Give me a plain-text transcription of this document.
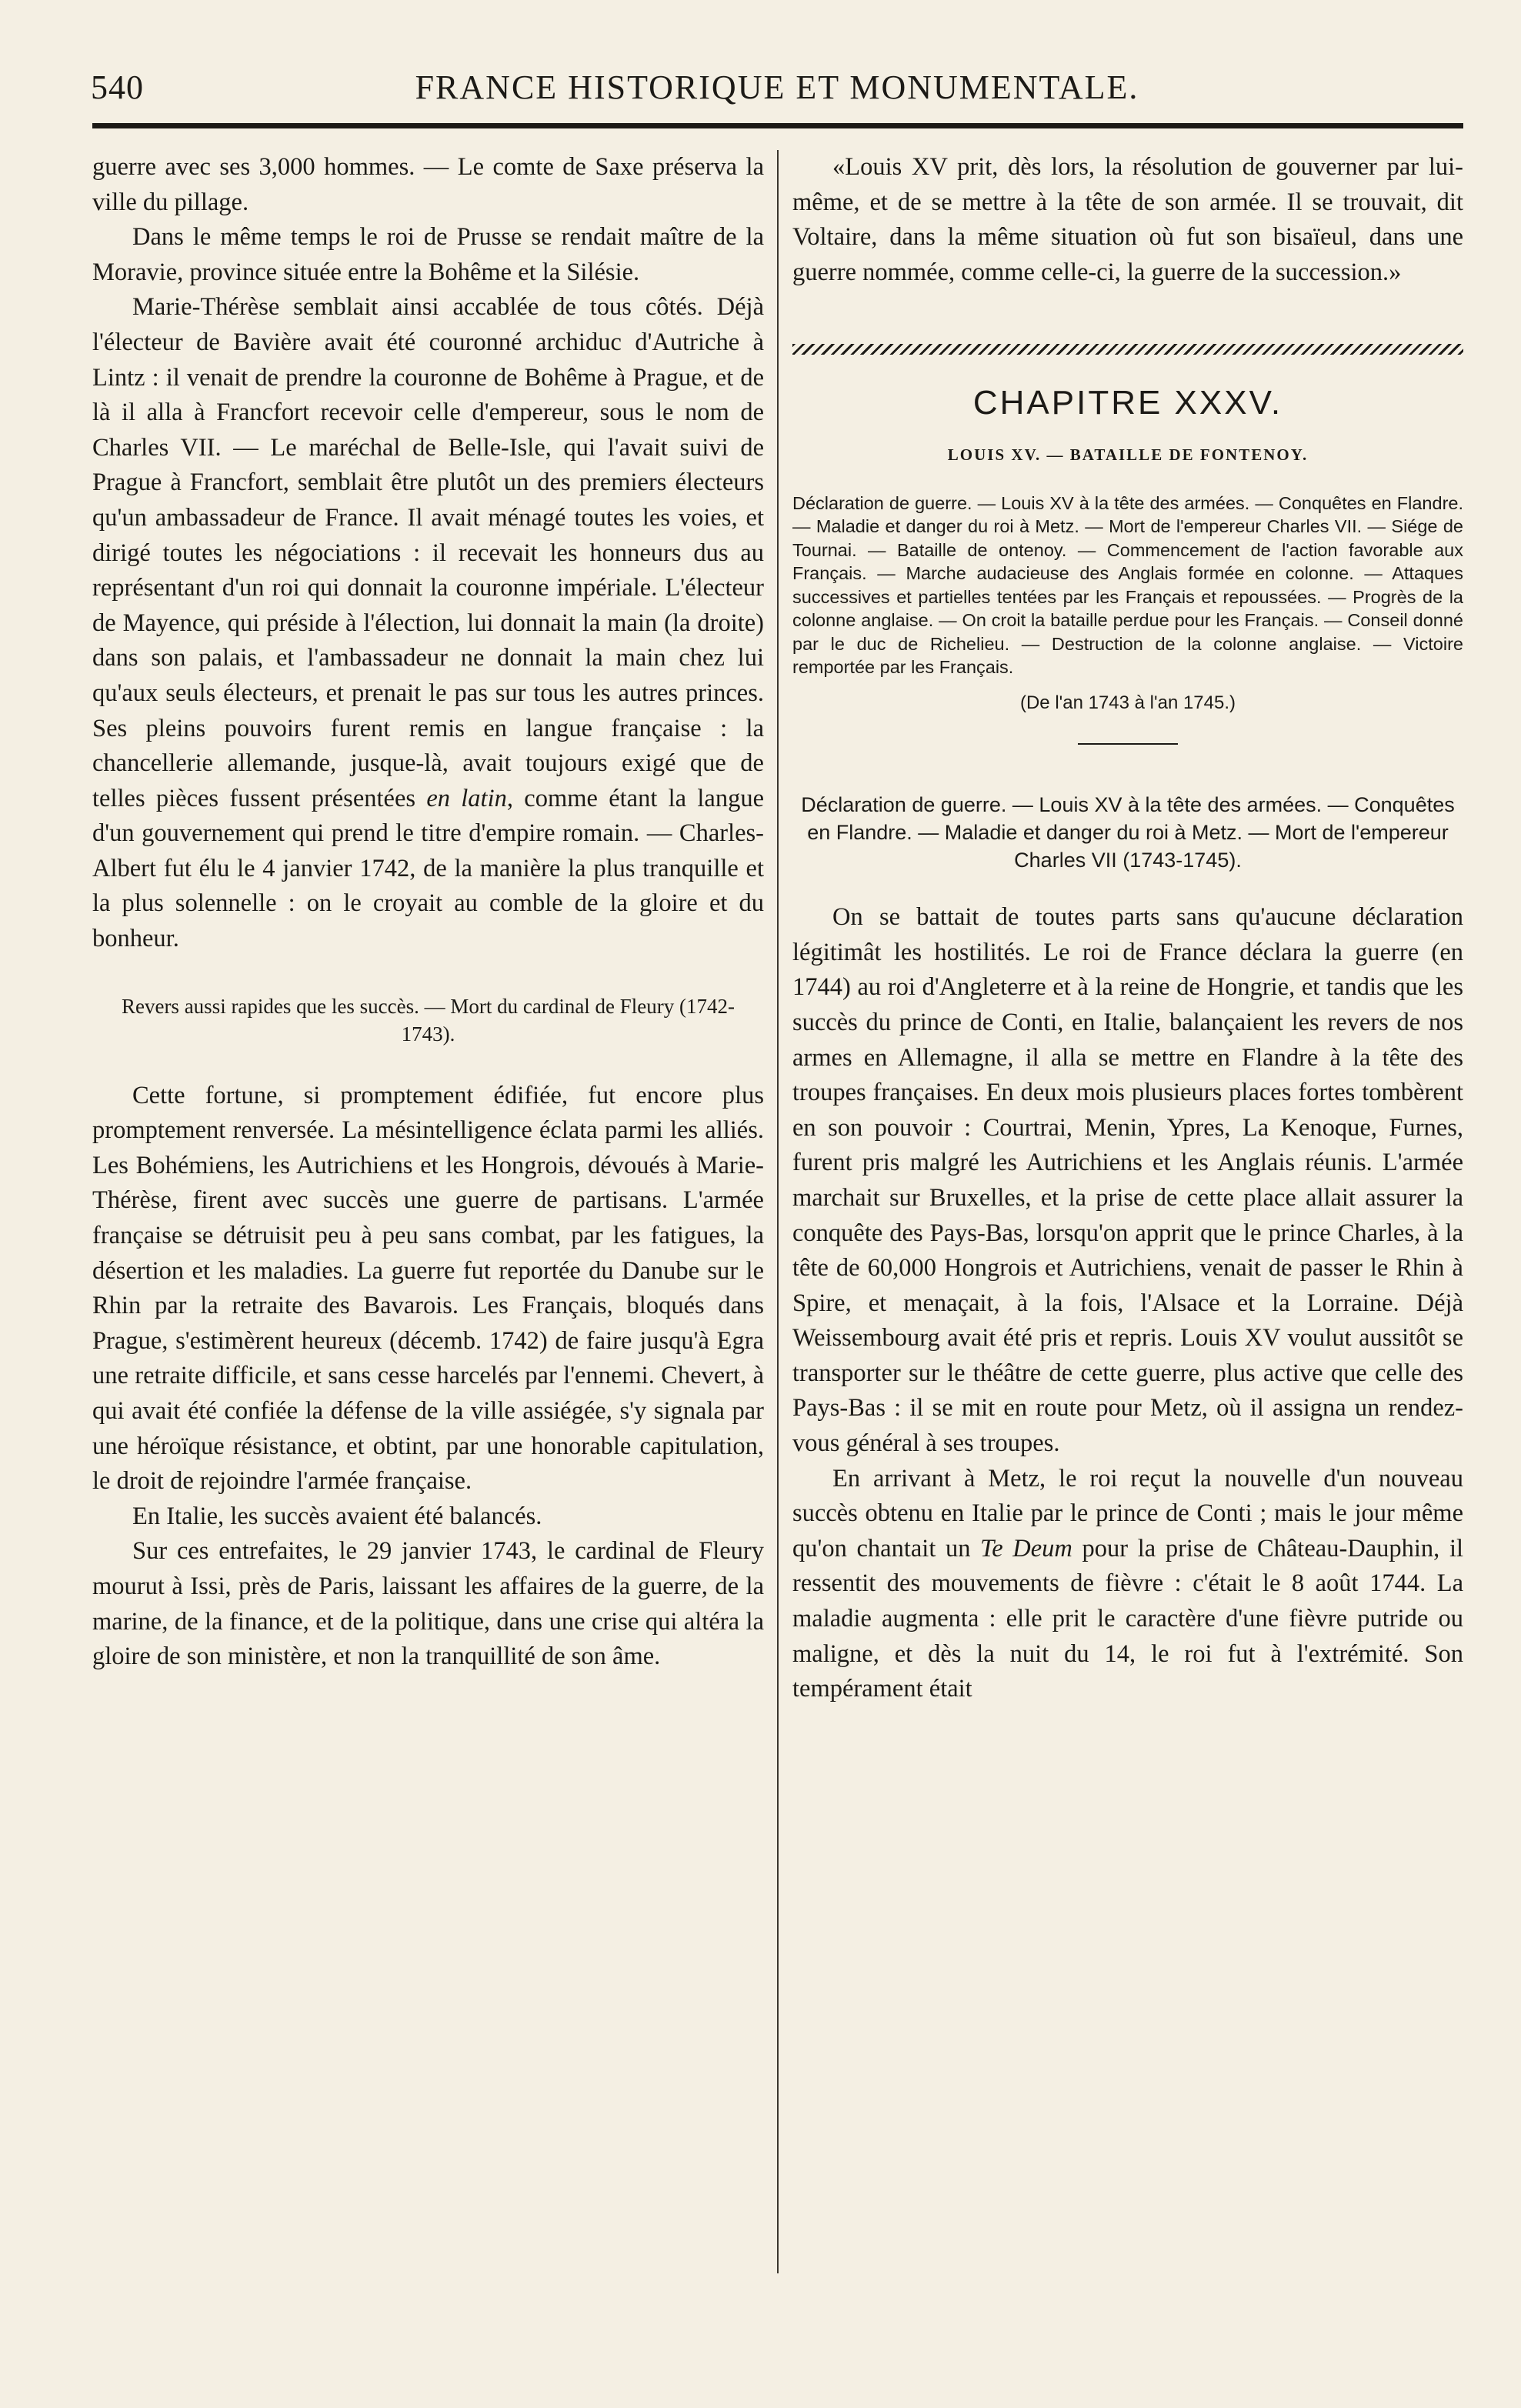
540	FRANCE HISTORIQUE ET MONUMENTALE.

guerre avec ses 3,000 hommes. — Le comte de Saxe préserva la ville du pillage.

Dans le même temps le roi de Prusse se rendait maître de la Moravie, province située entre la Bohême et la Silésie.

Marie-Thérèse semblait ainsi accablée de tous côtés. Déjà l'électeur de Bavière avait été couronné archiduc d'Autriche à Lintz : il venait de prendre la couronne de Bohême à Prague, et de là il alla à Francfort recevoir celle d'empereur, sous le nom de Charles VII. — Le maréchal de Belle-Isle, qui l'avait suivi de Prague à Francfort, semblait être plutôt un des premiers électeurs qu'un ambassadeur de France. Il avait ménagé toutes les voies, et dirigé toutes les négociations : il recevait les honneurs dus au représentant d'un roi qui donnait la couronne impériale. L'électeur de Mayence, qui préside à l'élection, lui donnait la main (la droite) dans son palais, et l'ambassadeur ne donnait la main chez lui qu'aux seuls électeurs, et prenait le pas sur tous les autres princes. Ses pleins pouvoirs furent remis en langue française : la chancellerie allemande, jusque-là, avait toujours exigé que de telles pièces fussent présentées en latin, comme étant la langue d'un gouvernement qui prend le titre d'empire romain. — Charles-Albert fut élu le 4 janvier 1742, de la manière la plus tranquille et la plus solennelle : on le croyait au comble de la gloire et du bonheur.

Revers aussi rapides que les succès. — Mort du cardinal de Fleury (1742-1743).

Cette fortune, si promptement édifiée, fut encore plus promptement renversée. La mésintelligence éclata parmi les alliés. Les Bohémiens, les Autrichiens et les Hongrois, dévoués à Marie-Thérèse, firent avec succès une guerre de partisans. L'armée française se détruisit peu à peu sans combat, par les fatigues, la désertion et les maladies. La guerre fut reportée du Danube sur le Rhin par la retraite des Bavarois. Les Français, bloqués dans Prague, s'estimèrent heureux (décemb. 1742) de faire jusqu'à Egra une retraite difficile, et sans cesse harcelés par l'ennemi. Chevert, à qui avait été confiée la défense de la ville assiégée, s'y signala par une héroïque résistance, et obtint, par une honorable capitulation, le droit de rejoindre l'armée française.

En Italie, les succès avaient été balancés.

Sur ces entrefaites, le 29 janvier 1743, le cardinal de Fleury mourut à Issi, près de Paris, laissant les affaires de la guerre, de la marine, de la finance, et de la politique, dans une crise qui altéra la gloire de son ministère, et non la tranquillité de son âme.

«Louis XV prit, dès lors, la résolution de gouverner par lui-même, et de se mettre à la tête de son armée. Il se trouvait, dit Voltaire, dans la même situation où fut son bisaïeul, dans une guerre nommée, comme celle-ci, la guerre de la succession.»

CHAPITRE XXXV.
LOUIS XV. — BATAILLE DE FONTENOY.

Déclaration de guerre. — Louis XV à la tête des armées. — Conquêtes en Flandre. — Maladie et danger du roi à Metz. — Mort de l'empereur Charles VII. — Siége de Tournai. — Bataille de ontenoy. — Commencement de l'action favorable aux Français. — Marche audacieuse des Anglais formée en colonne. — Attaques successives et partielles tentées par les Français et repoussées. — Progrès de la colonne anglaise. — On croit la bataille perdue pour les Français. — Conseil donné par le duc de Richelieu. — Destruction de la colonne anglaise. — Victoire remportée par les Français.

(De l'an 1743 à l'an 1745.)

Déclaration de guerre. — Louis XV à la tête des armées. — Conquêtes en Flandre. — Maladie et danger du roi à Metz. — Mort de l'empereur Charles VII (1743-1745).

On se battait de toutes parts sans qu'aucune déclaration légitimât les hostilités. Le roi de France déclara la guerre (en 1744) au roi d'Angleterre et à la reine de Hongrie, et tandis que les succès du prince de Conti, en Italie, balançaient les revers de nos armes en Allemagne, il alla se mettre en Flandre à la tête des troupes françaises. En deux mois plusieurs places fortes tombèrent en son pouvoir : Courtrai, Menin, Ypres, La Kenoque, Furnes, furent pris malgré les Autrichiens et les Anglais réunis. L'armée marchait sur Bruxelles, et la prise de cette place allait assurer la conquête des Pays-Bas, lorsqu'on apprit que le prince Charles, à la tête de 60,000 Hongrois et Autrichiens, venait de passer le Rhin à Spire, et menaçait, à la fois, l'Alsace et la Lorraine. Déjà Weissembourg avait été pris et repris. Louis XV voulut aussitôt se transporter sur le théâtre de cette guerre, plus active que celle des Pays-Bas : il se mit en route pour Metz, où il assigna un rendez-vous général à ses troupes.

En arrivant à Metz, le roi reçut la nouvelle d'un nouveau succès obtenu en Italie par le prince de Conti ; mais le jour même qu'on chantait un Te Deum pour la prise de Château-Dauphin, il ressentit des mouvements de fièvre : c'était le 8 août 1744. La maladie augmenta : elle prit le caractère d'une fièvre putride ou maligne, et dès la nuit du 14, le roi fut à l'extrémité. Son tempérament était
